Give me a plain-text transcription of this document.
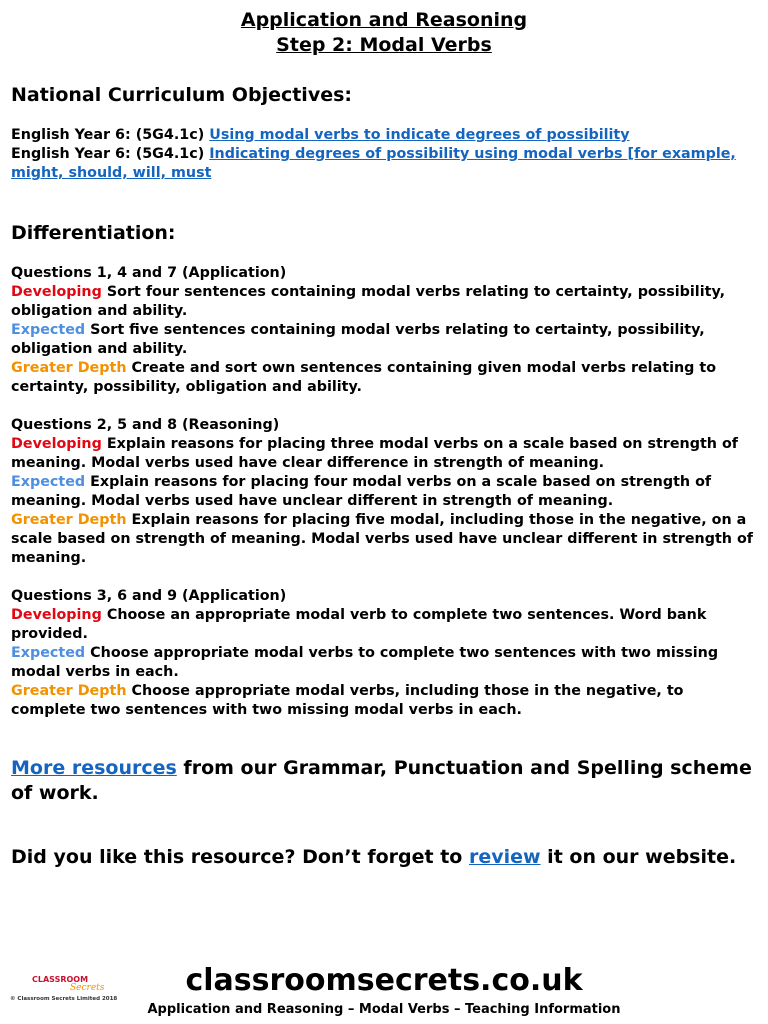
Application and Reasoning
Step 2: Modal Verbs
National Curriculum Objectives:
English Year 6: (5G4.1c) Using modal verbs to indicate degrees of possibility
English Year 6: (5G4.1c) Indicating degrees of possibility using modal verbs [for example, might, should, will, must
Differentiation:
Questions 1, 4 and 7 (Application)
Developing Sort four sentences containing modal verbs relating to certainty, possibility, obligation and ability.
Expected Sort five sentences containing modal verbs relating to certainty, possibility, obligation and ability.
Greater Depth Create and sort own sentences containing given modal verbs relating to certainty, possibility, obligation and ability.
Questions 2, 5 and 8 (Reasoning)
Developing Explain reasons for placing three modal verbs on a scale based on strength of meaning. Modal verbs used have clear difference in strength of meaning.
Expected Explain reasons for placing four modal verbs on a scale based on strength of meaning. Modal verbs used have unclear different in strength of meaning.
Greater Depth Explain reasons for placing five modal, including those in the negative, on a scale based on strength of meaning. Modal verbs used have unclear different in strength of meaning.
Questions 3, 6 and 9 (Application)
Developing Choose an appropriate modal verb to complete two sentences. Word bank provided.
Expected Choose appropriate modal verbs to complete two sentences with two missing modal verbs in each.
Greater Depth Choose appropriate modal verbs, including those in the negative, to complete two sentences with two missing modal verbs in each.
More resources from our Grammar, Punctuation and Spelling scheme of work.
Did you like this resource? Don’t forget to review it on our website.
CLASSROOM
Secrets
© Classroom Secrets Limited 2018
classroomsecrets.co.uk
Application and Reasoning – Modal Verbs – Teaching Information
